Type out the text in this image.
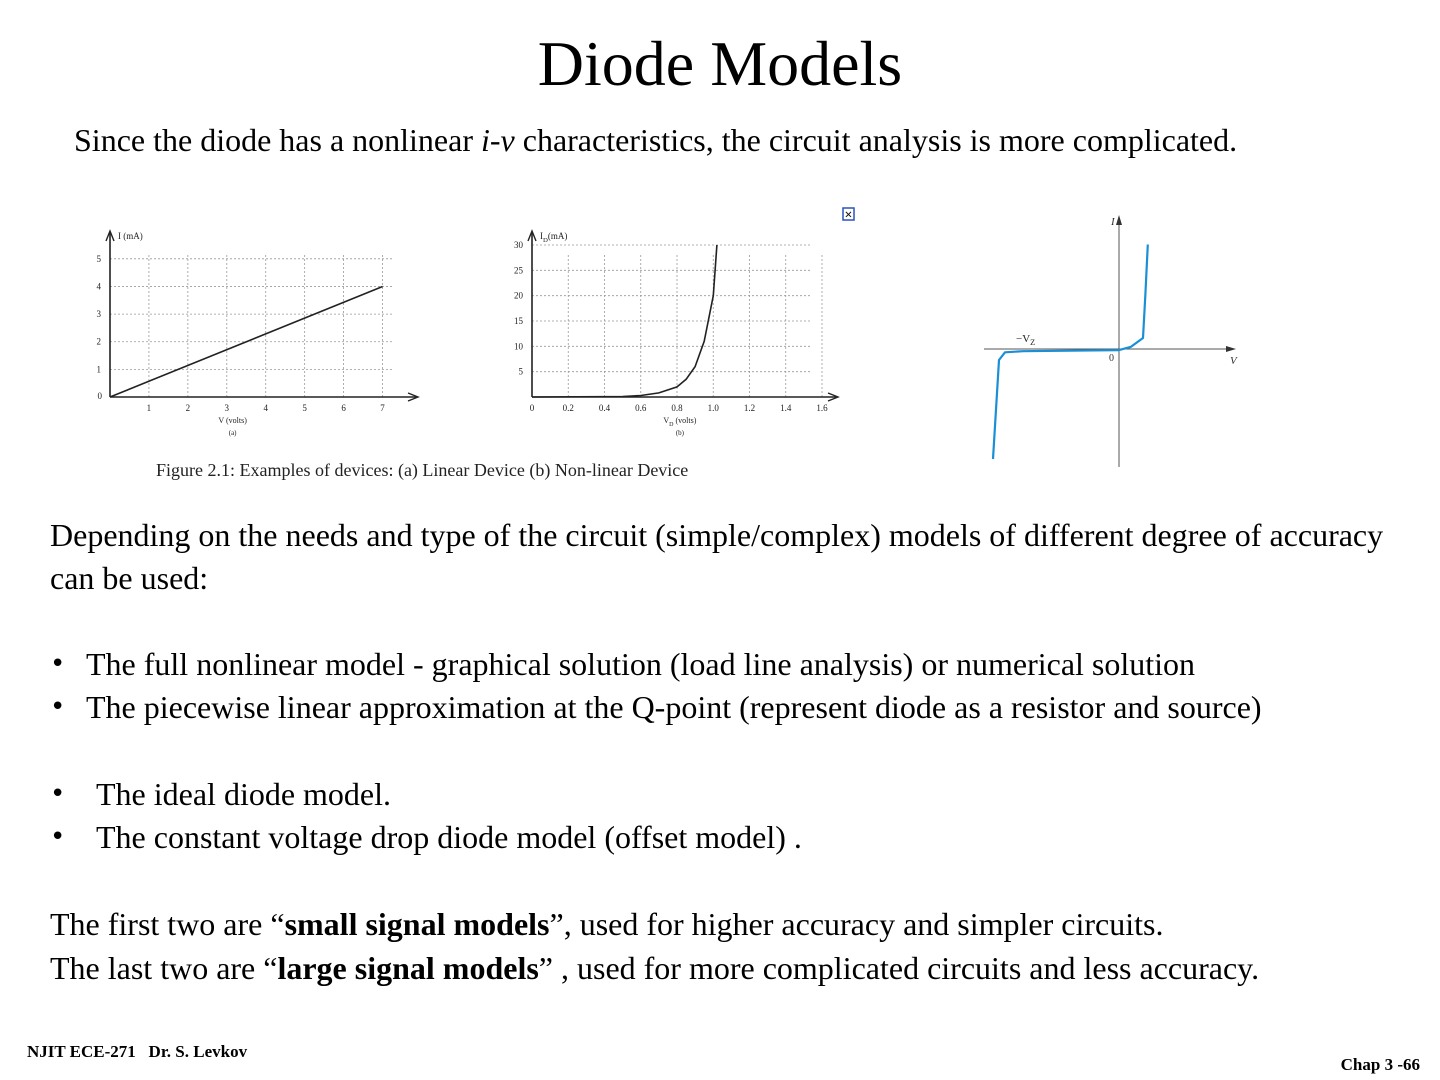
Diode Models
Since the diode has a nonlinear i-v characteristics, the circuit analysis is more complicated.
1	2	3	4	5	6	7
1
2
3
4
5
0
I (mA)
V (volts)
(a)
0	0.2	0.4	0.6	0.8	1.0	1.2	1.4	1.6
5
10
15
20
25
30
$I_D(mA)$
$V_D$ (volts)
(b)
Figure 2.1: Examples of devices: (a) Linear Device (b) Non-linear Device
×	I
V
0
$-V_Z$
Depending on the needs and type of the circuit (simple/complex) models of different degree of accuracy can be used:
• The full nonlinear model - graphical solution (load line analysis) or numerical solution
• The piecewise linear approximation at the Q-point (represent diode as a resistor and source)
• The ideal diode model.
• The constant voltage drop diode model (offset model) .
The first two are “small signal models”, used for higher accuracy and simpler circuits.
The last two are “large signal models” , used for more complicated circuits and less accuracy.
NJIT ECE-271   Dr. S. Levkov
Chap 3 -66
